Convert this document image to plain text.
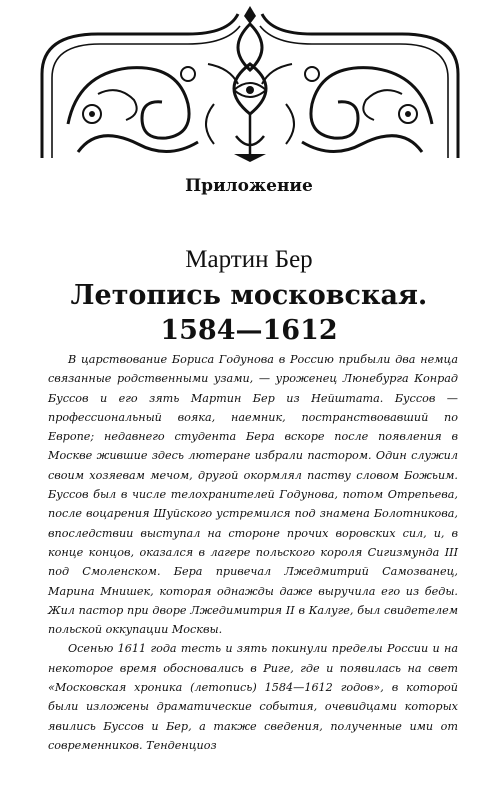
Приложение
Мартин Бер
Летопись московская.
1584—1612

В царствование Бориса Годунова в Россию прибыли два немца связанные родственными узами, — уроженец Люнебурга Конрад Буссов и его зять Мартин Бер из Нейштата. Буссов — профессиональный вояка, наемник, постранствовавший по Европе; недавнего студента Бера вскоре после появления в Москве жившие здесь лютеране избрали пастором. Один служил своим хозяевам мечом, другой окормлял паству словом Божьим. Буссов был в числе телохранителей Годунова, потом Отрепьева, после воцарения Шуйского устремился под знамена Болотникова, впоследствии выступал на стороне прочих воровских сил, и, в конце концов, оказался в лагере польского короля Сигизмунда III под Смоленском. Бера привечал Лжедмитрий Самозванец, Марина Мнишек, которая однажды даже выручила его из беды. Жил пастор при дворе Лжедимитрия II в Калуге, был свидетелем польской оккупации Москвы.

Осенью 1611 года тесть и зять покинули пределы России и на некоторое время обосновались в Риге, где и появилась на свет «Московская хроника (летопись) 1584—1612 годов», в которой были изложены драматические события, очевидцами которых явились Буссов и Бер, а также сведения, полученные ими от современников. Тенденциоз
